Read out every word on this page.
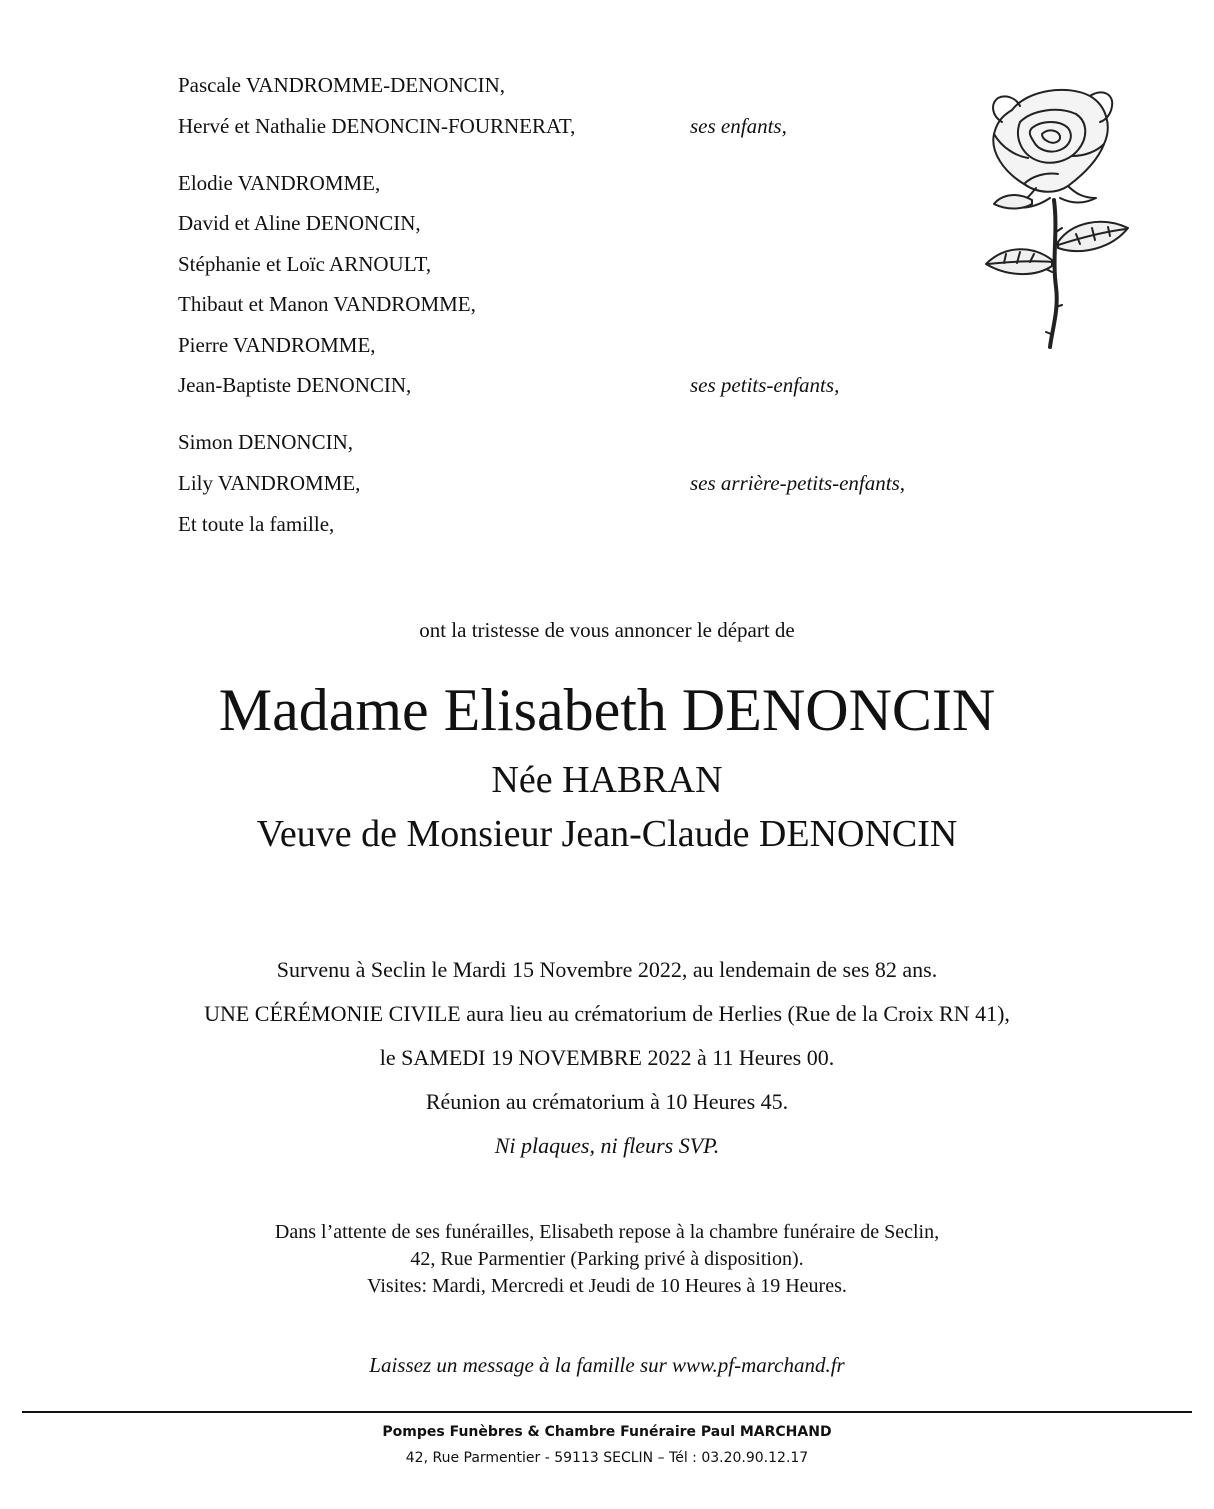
Pascale VANDROMME-DENONCIN,
Hervé et Nathalie DENONCIN-FOURNERAT,	ses enfants,
Elodie VANDROMME,
David et Aline DENONCIN,
Stéphanie et Loïc ARNOULT,
Thibaut et Manon VANDROMME,
Pierre VANDROMME,
Jean-Baptiste DENONCIN,	ses petits-enfants,
Simon DENONCIN,
Lily VANDROMME,	ses arrière-petits-enfants,
Et toute la famille,
ont la tristesse de vous annoncer le départ de
Madame Elisabeth DENONCIN
Née HABRAN
Veuve de Monsieur Jean-Claude DENONCIN
Survenu à Seclin le Mardi 15 Novembre 2022, au lendemain de ses 82 ans.
UNE CÉRÉMONIE CIVILE aura lieu au crématorium de Herlies (Rue de la Croix RN 41),
le SAMEDI 19 NOVEMBRE 2022 à 11 Heures 00.
Réunion au crématorium à 10 Heures 45.
Ni plaques, ni fleurs SVP.
Dans l’attente de ses funérailles, Elisabeth repose à la chambre funéraire de Seclin,
42, Rue Parmentier (Parking privé à disposition).
Visites: Mardi, Mercredi et Jeudi de 10 Heures à 19 Heures.
Laissez un message à la famille sur www.pf-marchand.fr
Pompes Funèbres & Chambre Funéraire Paul MARCHAND
42, Rue Parmentier - 59113 SECLIN – Tél : 03.20.90.12.17
